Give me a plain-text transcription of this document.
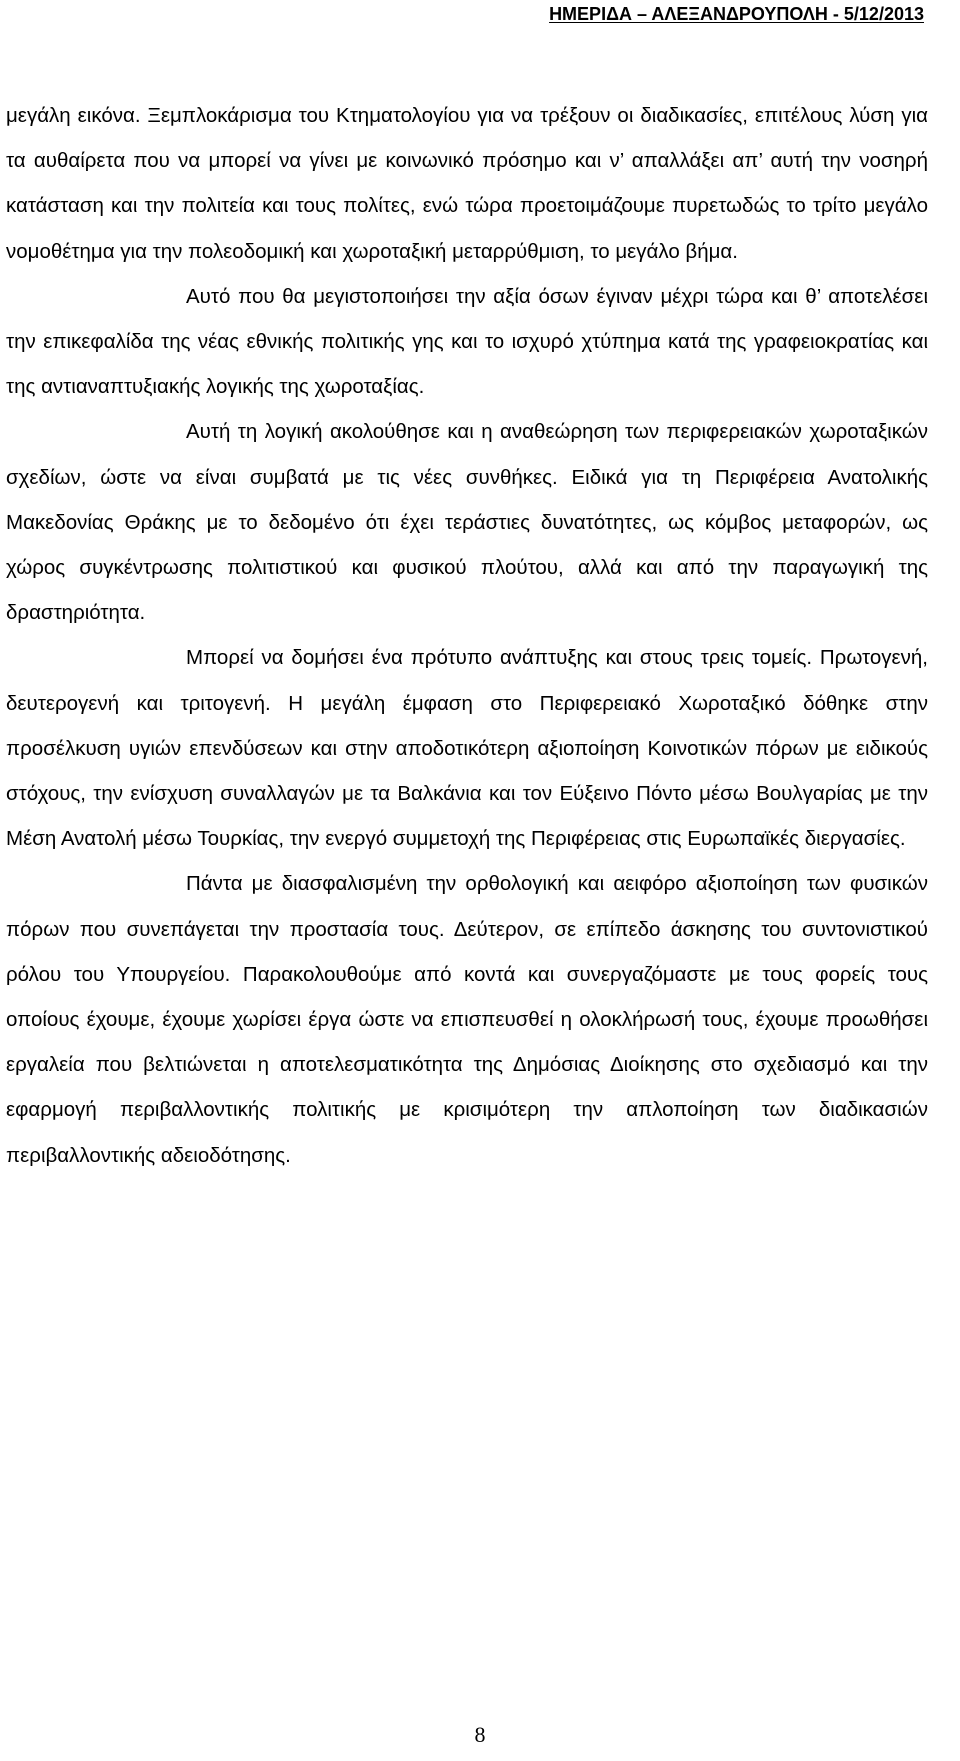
ΗΜΕΡΙΔΑ – ΑΛΕΞΑΝΔΡΟΥΠΟΛΗ - 5/12/2013

μεγάλη εικόνα. Ξεμπλοκάρισμα του Κτηματολογίου για να τρέξουν οι διαδικασίες, επιτέλους λύση για τα αυθαίρετα που να μπορεί να γίνει με κοινωνικό πρόσημο και ν’ απαλλάξει απ’ αυτή την νοσηρή κατάσταση και την πολιτεία και τους πολίτες, ενώ τώρα προετοιμάζουμε πυρετωδώς το τρίτο μεγάλο νομοθέτημα για την πολεοδομική και χωροταξική μεταρρύθμιση, το μεγάλο βήμα.

Αυτό που θα μεγιστοποιήσει την αξία όσων έγιναν μέχρι τώρα και θ’ αποτελέσει την επικεφαλίδα της νέας εθνικής πολιτικής γης και το ισχυρό χτύπημα κατά της γραφειοκρατίας και της αντιαναπτυξιακής λογικής της χωροταξίας.

Αυτή τη λογική ακολούθησε και η αναθεώρηση των περιφερειακών χωροταξικών σχεδίων, ώστε να είναι συμβατά με τις νέες συνθήκες. Ειδικά για τη Περιφέρεια Ανατολικής Μακεδονίας Θράκης με το δεδομένο ότι έχει τεράστιες δυνατότητες, ως κόμβος μεταφορών, ως χώρος συγκέντρωσης πολιτιστικού και φυσικού πλούτου, αλλά και από την παραγωγική της δραστηριότητα.

Μπορεί να δομήσει ένα πρότυπο ανάπτυξης και στους τρεις τομείς. Πρωτογενή, δευτερογενή και τριτογενή. Η μεγάλη έμφαση στο Περιφερειακό Χωροταξικό δόθηκε στην προσέλκυση υγιών επενδύσεων και στην αποδοτικότερη αξιοποίηση Κοινοτικών πόρων με ειδικούς στόχους, την ενίσχυση συναλλαγών με τα Βαλκάνια και τον Εύξεινο Πόντο μέσω Βουλγαρίας με την Μέση Ανατολή μέσω Τουρκίας, την ενεργό συμμετοχή της Περιφέρειας στις Ευρωπαϊκές διεργασίες.

Πάντα με διασφαλισμένη την ορθολογική και αειφόρο αξιοποίηση των φυσικών πόρων που συνεπάγεται την προστασία τους. Δεύτερον, σε επίπεδο άσκησης του συντονιστικού ρόλου του Υπουργείου. Παρακολουθούμε από κοντά και συνεργαζόμαστε με τους φορείς τους οποίους έχουμε, έχουμε χωρίσει έργα ώστε να επισπευσθεί η ολοκλήρωσή τους, έχουμε προωθήσει εργαλεία που βελτιώνεται η αποτελεσματικότητα της Δημόσιας Διοίκησης στο σχεδιασμό και την εφαρμογή περιβαλλοντικής πολιτικής με κρισιμότερη την απλοποίηση των διαδικασιών περιβαλλοντικής αδειοδότησης.

8
